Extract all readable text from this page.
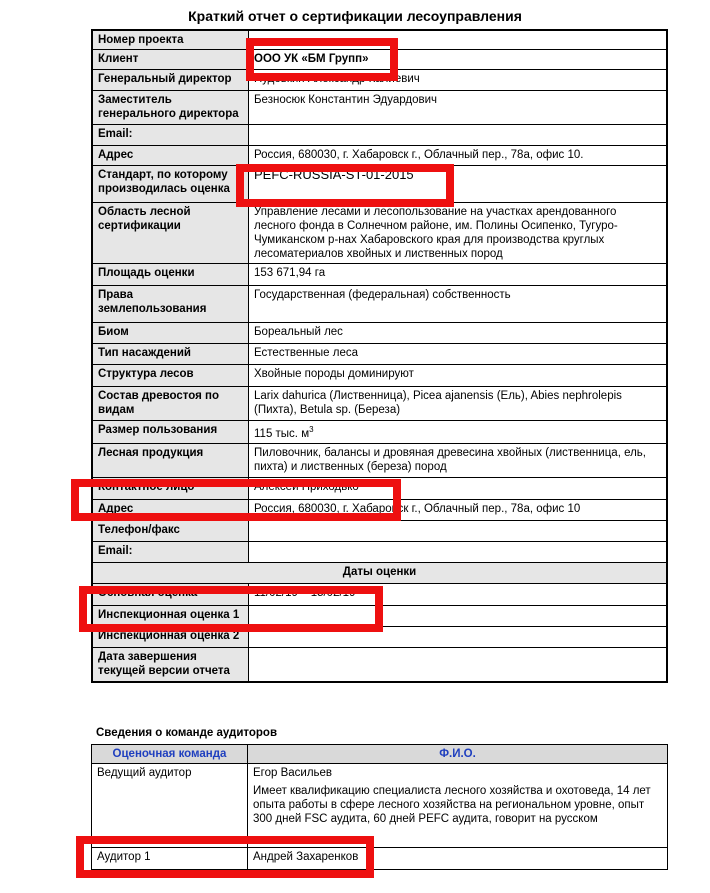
Краткий отчет о сертификации лесоуправления
Номер проекта	
Клиент	ООО УК «БМ Групп»
Генеральный директор	Пудовкин Александр Калиевич
Заместитель генерального директора	Безносюк Константин Эдуардович
Email:	
Адрес	Россия, 680030, г. Хабаровск г., Облачный пер., 78а, офис 10.
Стандарт, по которому производилась оценка	PEFC-RUSSIA-ST-01-2015
Область лесной сертификации	Управление лесами и лесопользование на участках арендованного лесного фонда в Солнечном районе, им. Полины Осипенко, Тугуро-Чумиканском р-нах Хабаровского края для производства круглых лесоматериалов хвойных и лиственных пород
Площадь оценки	153 671,94 га
Права землепользования	Государственная (федеральная) собственность
Биом	Бореальный лес
Тип насаждений	Естественные леса
Структура лесов	Хвойные породы доминируют
Состав древостоя по видам	Larix dahurica (Лиственница), Picea ajanensis (Ель), Abies nephrolepis (Пихта), Betula sp. (Береза)
Размер пользования	115 тыс. $м^3$
Лесная продукция	Пиловочник, балансы и дровяная древесина хвойных (лиственница, ель, пихта) и лиственных (береза) пород
Контактное лицо	Алексей Приходько
Адрес	Россия, 680030, г. Хабаровск г., Облачный пер., 78а, офис 10
Телефон/факс	
Email:	
Даты оценки	
Основная оценка	11/02/19 – 15/02/19
Инспекционная оценка 1	
Инспекционная оценка 2	
Дата завершения текущей версии отчета	
Сведения о команде аудиторов
Оценочная команда	Ф.И.О.
Ведущий аудитор	Егор Васильев
Имеет квалификацию специалиста лесного хозяйства и охотоведа, 14 лет опыта работы в сфере лесного хозяйства на региональном уровне, опыт 300 дней FSC аудита, 60 дней PEFC аудита, говорит на русском

Аудитор 1	Андрей Захаренков
